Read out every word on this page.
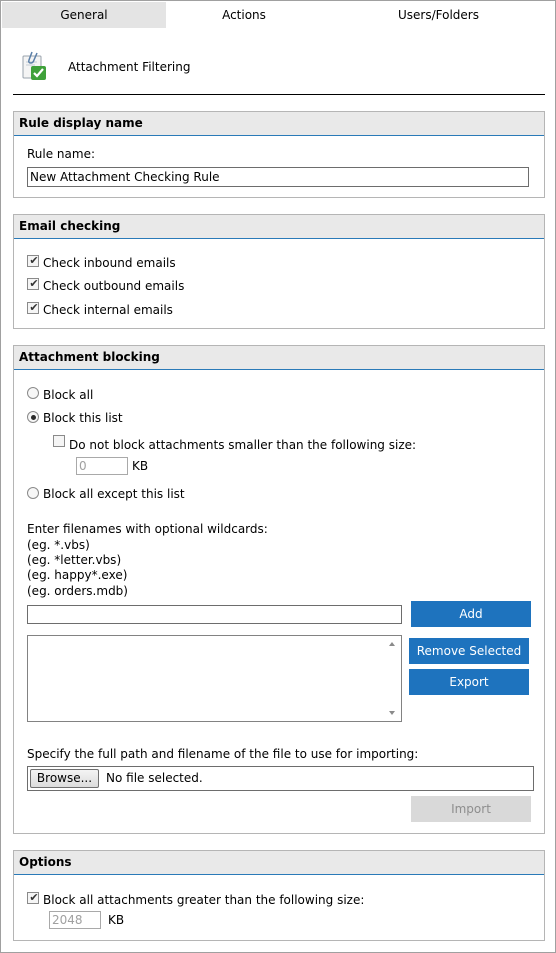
General	Actions	Users/Folders
Attachment Filtering
Rule display name
Rule name:
New Attachment Checking Rule
Email checking
✔ Check inbound emails
✔ Check outbound emails
✔ Check internal emails
Attachment blocking
Block all
Block this list
Do not block attachments smaller than the following size:
0	KB
Block all except this list
Enter filenames with optional wildcards:
(eg. *.vbs)
(eg. *letter.vbs)
(eg. happy*.exe)
(eg. orders.mdb)
Add
Remove Selected
Export
Specify the full path and filename of the file to use for importing:
Browse...	No file selected.
Import
Options
✔ Block all attachments greater than the following size:
2048	KB
